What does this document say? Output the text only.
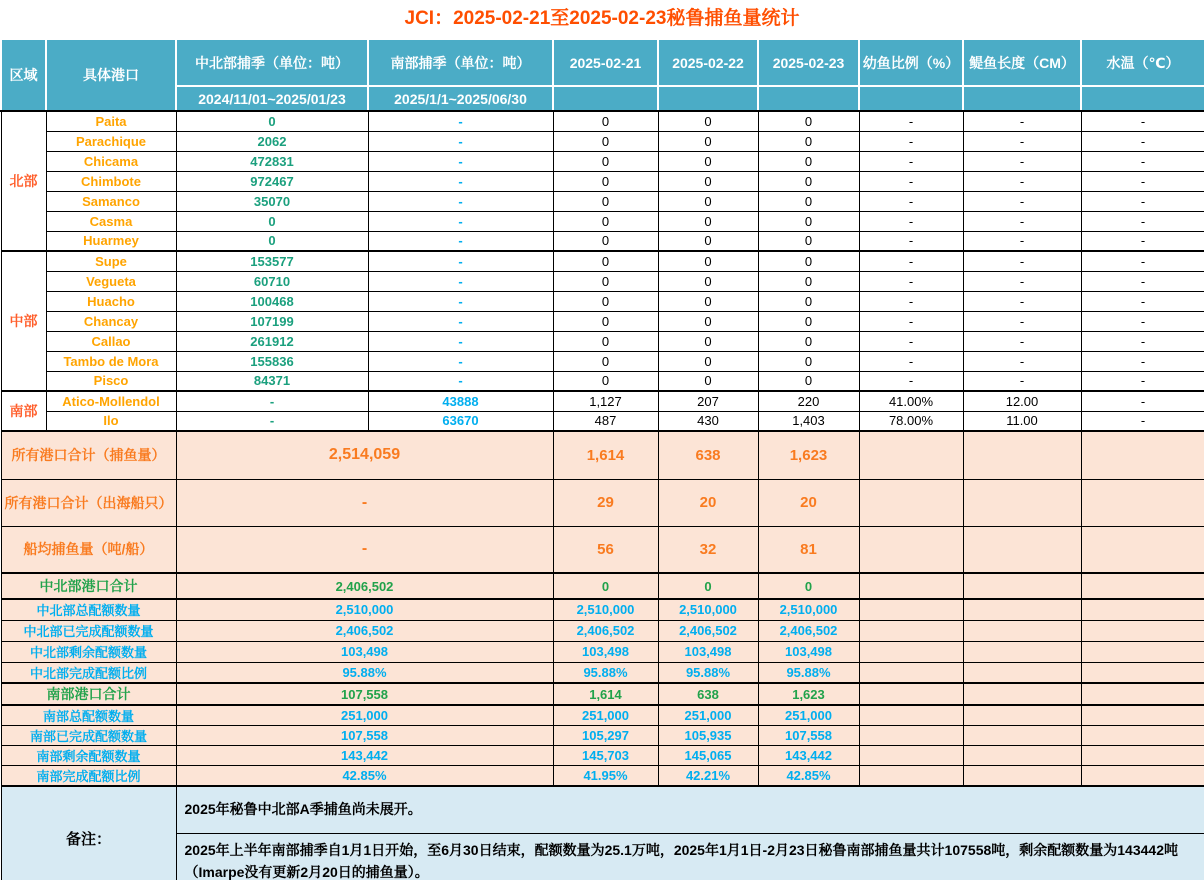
JCI：2025-02-21至2025-02-23秘鲁捕鱼量统计
区域	具体港口	中北部捕季（单位：吨）	南部捕季（单位：吨）	2025-02-21	2025-02-22	2025-02-23	幼鱼比例（%）	鳀鱼长度（CM）	水温（℃）
		2024/11/01~2025/01/23	2025/1/1~2025/06/30						
北部	Paita	0	-	0	0	0	-	-	-
	Parachique	2062	-	0	0	0	-	-	-
	Chicama	472831	-	0	0	0	-	-	-
	Chimbote	972467	-	0	0	0	-	-	-
	Samanco	35070	-	0	0	0	-	-	-
	Casma	0	-	0	0	0	-	-	-
	Huarmey	0	-	0	0	0	-	-	-
中部	Supe	153577	-	0	0	0	-	-	-
	Vegueta	60710	-	0	0	0	-	-	-
	Huacho	100468	-	0	0	0	-	-	-
	Chancay	107199	-	0	0	0	-	-	-
	Callao	261912	-	0	0	0	-	-	-
	Tambo de Mora	155836	-	0	0	0	-	-	-
	Pisco	84371	-	0	0	0	-	-	-
南部	Atico-Mollendol	-	43888	1,127	207	220	41.00%	12.00	-
	Ilo	-	63670	487	430	1,403	78.00%	11.00	-
所有港口合计（捕鱼量）		2,514,059		1,614	638	1,623			
所有港口合计（出海船只）		-		29	20	20			
船均捕鱼量（吨/船）		-		56	32	81			
中北部港口合计		2,406,502		0	0	0			
中北部总配额数量		2,510,000		2,510,000	2,510,000	2,510,000			
中北部已完成配额数量		2,406,502		2,406,502	2,406,502	2,406,502			
中北部剩余配额数量		103,498		103,498	103,498	103,498			
中北部完成配额比例		95.88%		95.88%	95.88%	95.88%			
南部港口合计		107,558		1,614	638	1,623			
南部总配额数量		251,000		251,000	251,000	251,000			
南部已完成配额数量		107,558		105,297	105,935	107,558			
南部剩余配额数量		143,442		145,703	145,065	143,442			
南部完成配额比例		42.85%		41.95%	42.21%	42.85%			
备注：		2025年秘鲁中北部A季捕鱼尚未展开。							
		2025年上半年南部捕季自1月1日开始，至6月30日结束，配额数量为25.1万吨，2025年1月1日-2月23日秘鲁南部捕鱼量共计107558吨，剩余配额数量为143442吨（Imarpe没有更新2月20日的捕鱼量）。							
